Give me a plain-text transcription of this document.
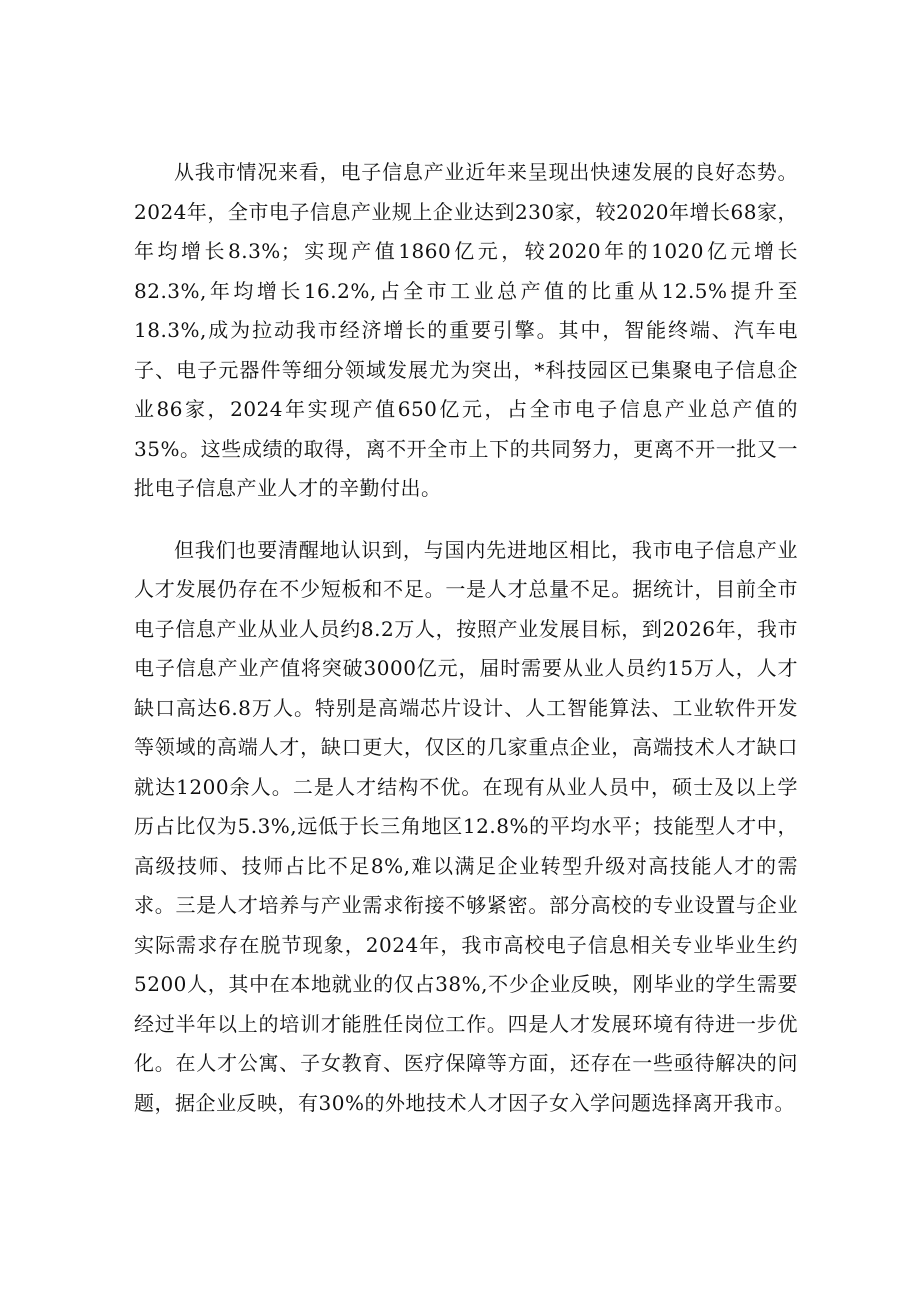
从我市情况来看，电子信息产业近年来呈现出快速发展的良好态势。2024年，全市电子信息产业规上企业达到230家，较2020年增长68家，年均增长8.3%；实现产值1860亿元，较2020年的1020亿元增长82.3%,年均增长16.2%,占全市工业总产值的比重从12.5%提升至18.3%,成为拉动我市经济增长的重要引擎。其中，智能终端、汽车电子、电子元器件等细分领域发展尤为突出，*科技园区已集聚电子信息企业86家，2024年实现产值650亿元，占全市电子信息产业总产值的35%。这些成绩的取得，离不开全市上下的共同努力，更离不开一批又一批电子信息产业人才的辛勤付出。

但我们也要清醒地认识到，与国内先进地区相比，我市电子信息产业人才发展仍存在不少短板和不足。一是人才总量不足。据统计，目前全市电子信息产业从业人员约8.2万人，按照产业发展目标，到2026年，我市电子信息产业产值将突破3000亿元，届时需要从业人员约15万人，人才缺口高达6.8万人。特别是高端芯片设计、人工智能算法、工业软件开发等领域的高端人才，缺口更大，仅区的几家重点企业，高端技术人才缺口就达1200余人。二是人才结构不优。在现有从业人员中，硕士及以上学历占比仅为5.3%,远低于长三角地区12.8%的平均水平；技能型人才中，高级技师、技师占比不足8%,难以满足企业转型升级对高技能人才的需求。三是人才培养与产业需求衔接不够紧密。部分高校的专业设置与企业实际需求存在脱节现象，2024年，我市高校电子信息相关专业毕业生约5200人，其中在本地就业的仅占38%,不少企业反映，刚毕业的学生需要经过半年以上的培训才能胜任岗位工作。四是人才发展环境有待进一步优化。在人才公寓、子女教育、医疗保障等方面，还存在一些亟待解决的问题，据企业反映，有30%的外地技术人才因子女入学问题选择离开我市。
